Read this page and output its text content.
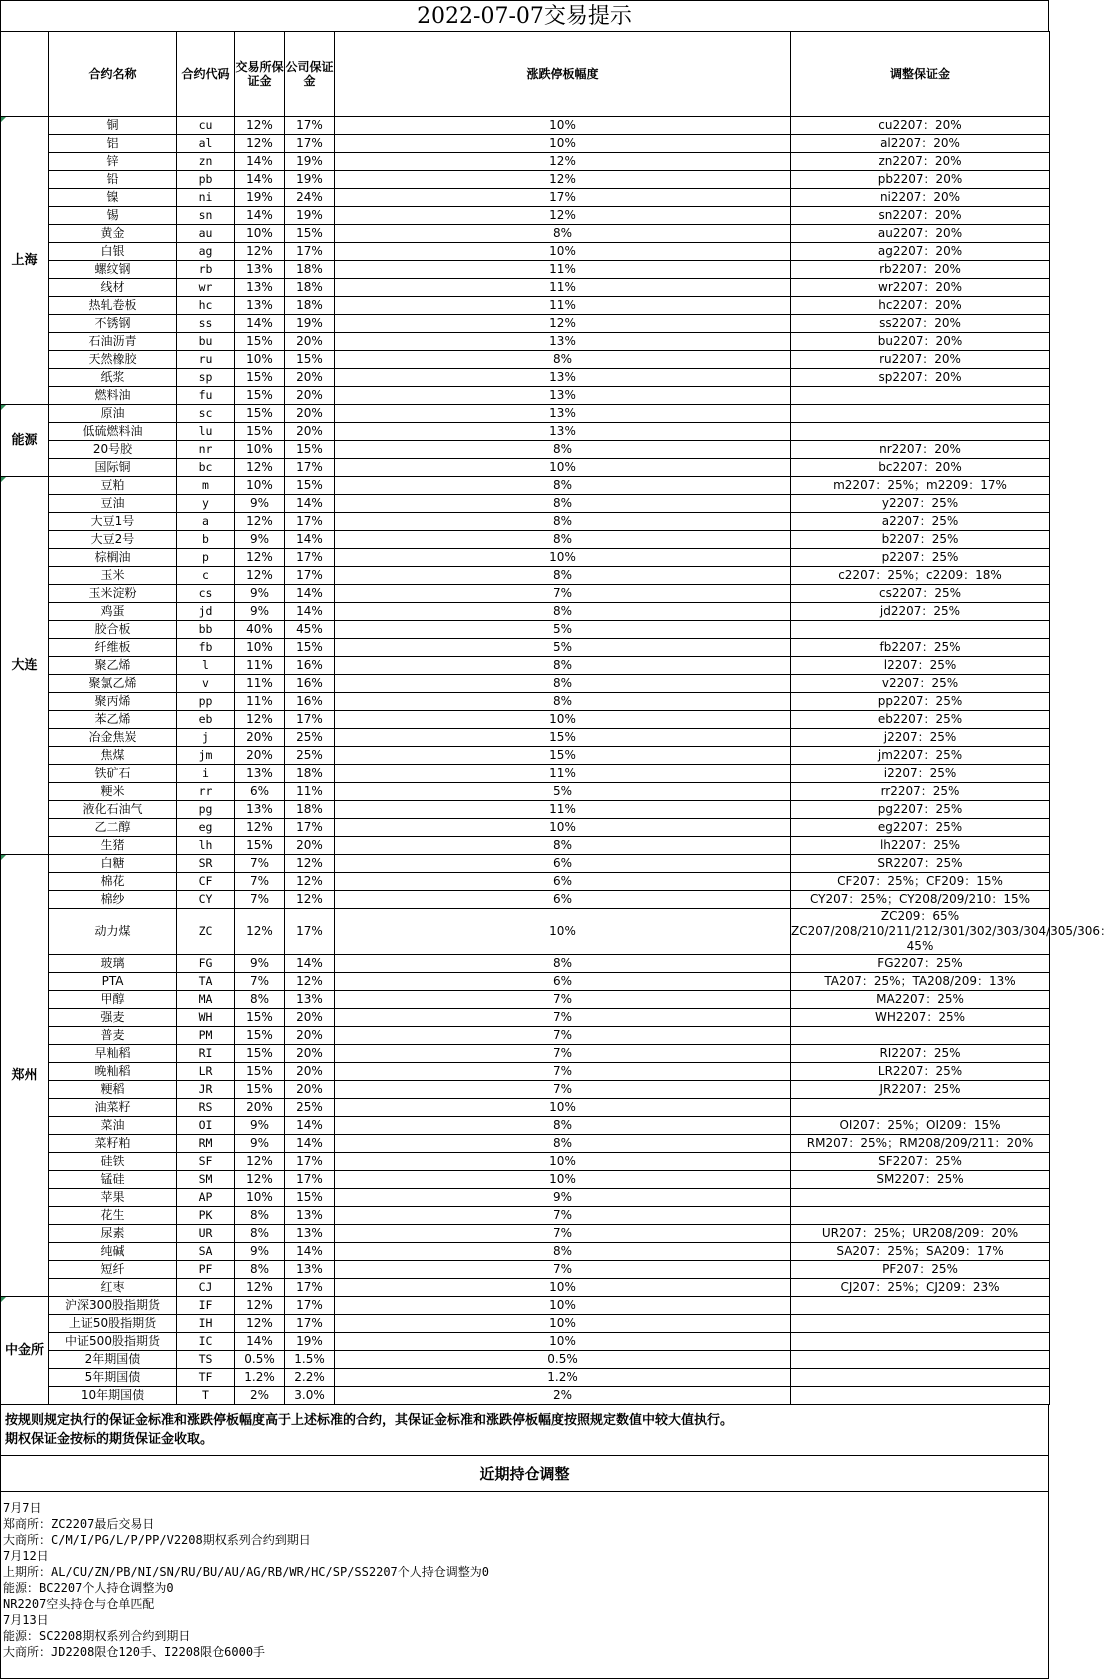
2022-07-07交易提示
	合约名称	合约代码	交易所保证金	公司保证金	涨跌停板幅度	调整保证金	
上海	铜	cu	12%	17%	10%	cu2207：20%	
	铝	al	12%	17%	10%	al2207：20%	
	锌	zn	14%	19%	12%	zn2207：20%	
	铅	pb	14%	19%	12%	pb2207：20%	
	镍	ni	19%	24%	17%	ni2207：20%	
	锡	sn	14%	19%	12%	sn2207：20%	
	黄金	au	10%	15%	8%	au2207：20%	
	白银	ag	12%	17%	10%	ag2207：20%	
	螺纹钢	rb	13%	18%	11%	rb2207：20%	
	线材	wr	13%	18%	11%	wr2207：20%	
	热轧卷板	hc	13%	18%	11%	hc2207：20%	
	不锈钢	ss	14%	19%	12%	ss2207：20%	
	石油沥青	bu	15%	20%	13%	bu2207：20%	
	天然橡胶	ru	10%	15%	8%	ru2207：20%	
	纸浆	sp	15%	20%	13%	sp2207：20%	
	燃料油	fu	15%	20%	13%		
能源	原油	sc	15%	20%	13%		
	低硫燃料油	lu	15%	20%	13%		
	20号胶	nr	10%	15%	8%	nr2207：20%	
	国际铜	bc	12%	17%	10%	bc2207：20%	
大连	豆粕	m	10%	15%	8%	m2207：25%；m2209：17%	
	豆油	y	9%	14%	8%	y2207：25%	
	大豆1号	a	12%	17%	8%	a2207：25%	
	大豆2号	b	9%	14%	8%	b2207：25%	
	棕榈油	p	12%	17%	10%	p2207：25%	
	玉米	c	12%	17%	8%	c2207：25%；c2209：18%	
	玉米淀粉	cs	9%	14%	7%	cs2207：25%	
	鸡蛋	jd	9%	14%	8%	jd2207：25%	
	胶合板	bb	40%	45%	5%		
	纤维板	fb	10%	15%	5%	fb2207：25%	
	聚乙烯	l	11%	16%	8%	l2207：25%	
	聚氯乙烯	v	11%	16%	8%	v2207：25%	
	聚丙烯	pp	11%	16%	8%	pp2207：25%	
	苯乙烯	eb	12%	17%	10%	eb2207：25%	
	冶金焦炭	j	20%	25%	15%	j2207：25%	
	焦煤	jm	20%	25%	15%	jm2207：25%	
	铁矿石	i	13%	18%	11%	i2207：25%	
	粳米	rr	6%	11%	5%	rr2207：25%	
	液化石油气	pg	13%	18%	11%	pg2207：25%	
	乙二醇	eg	12%	17%	10%	eg2207：25%	
	生猪	lh	15%	20%	8%	lh2207：25%	
郑州	白糖	SR	7%	12%	6%	SR2207：25%	
	棉花	CF	7%	12%	6%	CF207：25%；CF209：15%	
	棉纱	CY	7%	12%	6%	CY207：25%；CY208/209/210：15%	
	动力煤	ZC	12%	17%	10%	ZC209：65%
ZC207/208/210/211/212/301/302/303/304/305/306：45%	
	玻璃	FG	9%	14%	8%	FG2207：25%	
	PTA	TA	7%	12%	6%	TA207：25%；TA208/209：13%	
	甲醇	MA	8%	13%	7%	MA2207：25%	
	强麦	WH	15%	20%	7%	WH2207：25%	
	普麦	PM	15%	20%	7%		
	早籼稻	RI	15%	20%	7%	RI2207：25%	
	晚籼稻	LR	15%	20%	7%	LR2207：25%	
	粳稻	JR	15%	20%	7%	JR2207：25%	
	油菜籽	RS	20%	25%	10%		
	菜油	OI	9%	14%	8%	OI207：25%；OI209：15%	
	菜籽粕	RM	9%	14%	8%	RM207：25%；RM208/209/211：20%	
	硅铁	SF	12%	17%	10%	SF2207：25%	
	锰硅	SM	12%	17%	10%	SM2207：25%	
	苹果	AP	10%	15%	9%		
	花生	PK	8%	13%	7%		
	尿素	UR	8%	13%	7%	UR207：25%；UR208/209：20%	
	纯碱	SA	9%	14%	8%	SA207：25%；SA209：17%	
	短纤	PF	8%	13%	7%	PF207：25%	
	红枣	CJ	12%	17%	10%	CJ207：25%；CJ209：23%	
中金所	沪深300股指期货	IF	12%	17%	10%		
	上证50股指期货	IH	12%	17%	10%		
	中证500股指期货	IC	14%	19%	10%		
	2年期国债	TS	0.5%	1.5%	0.5%		
	5年期国债	TF	1.2%	2.2%	1.2%		
	10年期国债	T	2%	3.0%	2%		
按规则规定执行的保证金标准和涨跌停板幅度高于上述标准的合约，其保证金标准和涨跌停板幅度按照规定数值中较大值执行。
期权保证金按标的期货保证金收取。
近期持仓调整
7月7日
郑商所：ZC2207最后交易日
大商所：C/M/I/PG/L/P/PP/V2208期权系列合约到期日
7月12日
上期所：AL/CU/ZN/PB/NI/SN/RU/BU/AU/AG/RB/WR/HC/SP/SS2207个人持仓调整为0
能源：BC2207个人持仓调整为0
NR2207空头持仓与仓单匹配
7月13日
能源：SC2208期权系列合约到期日
大商所：JD2208限仓120手、I2208限仓6000手
